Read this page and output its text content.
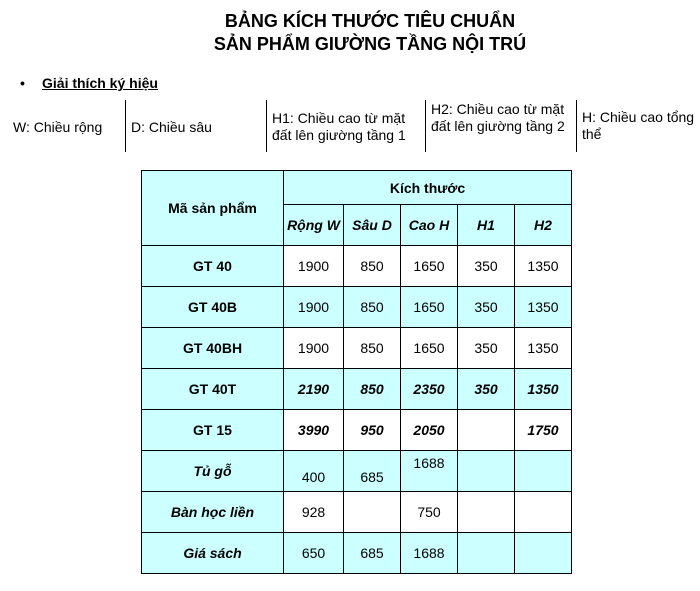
BẢNG KÍCH THƯỚC TIÊU CHUẨN
SẢN PHẨM GIƯỜNG TẦNG NỘI TRÚ
• Giải thích ký hiệu
W: Chiều rộng	D: Chiều sâu
H1: Chiều cao từ mặt đất lên giường tầng 1
H2: Chiều cao từ mặt đất lên giường tầng 2
H: Chiều cao tổng thể
Mã sản phẩm	Kích thước				
	Rộng W	Sâu D	Cao H	H1	H2
GT 40	1900	850	1650	350	1350
GT 40B	1900	850	1650	350	1350
GT 40BH	1900	850	1650	350	1350
GT 40T	2190	850	2350	350	1350
GT 15	3990	950	2050		1750
Tủ gỗ	400	685	1688		
Bàn học liền	928		750		
Giá sách	650	685	1688		
